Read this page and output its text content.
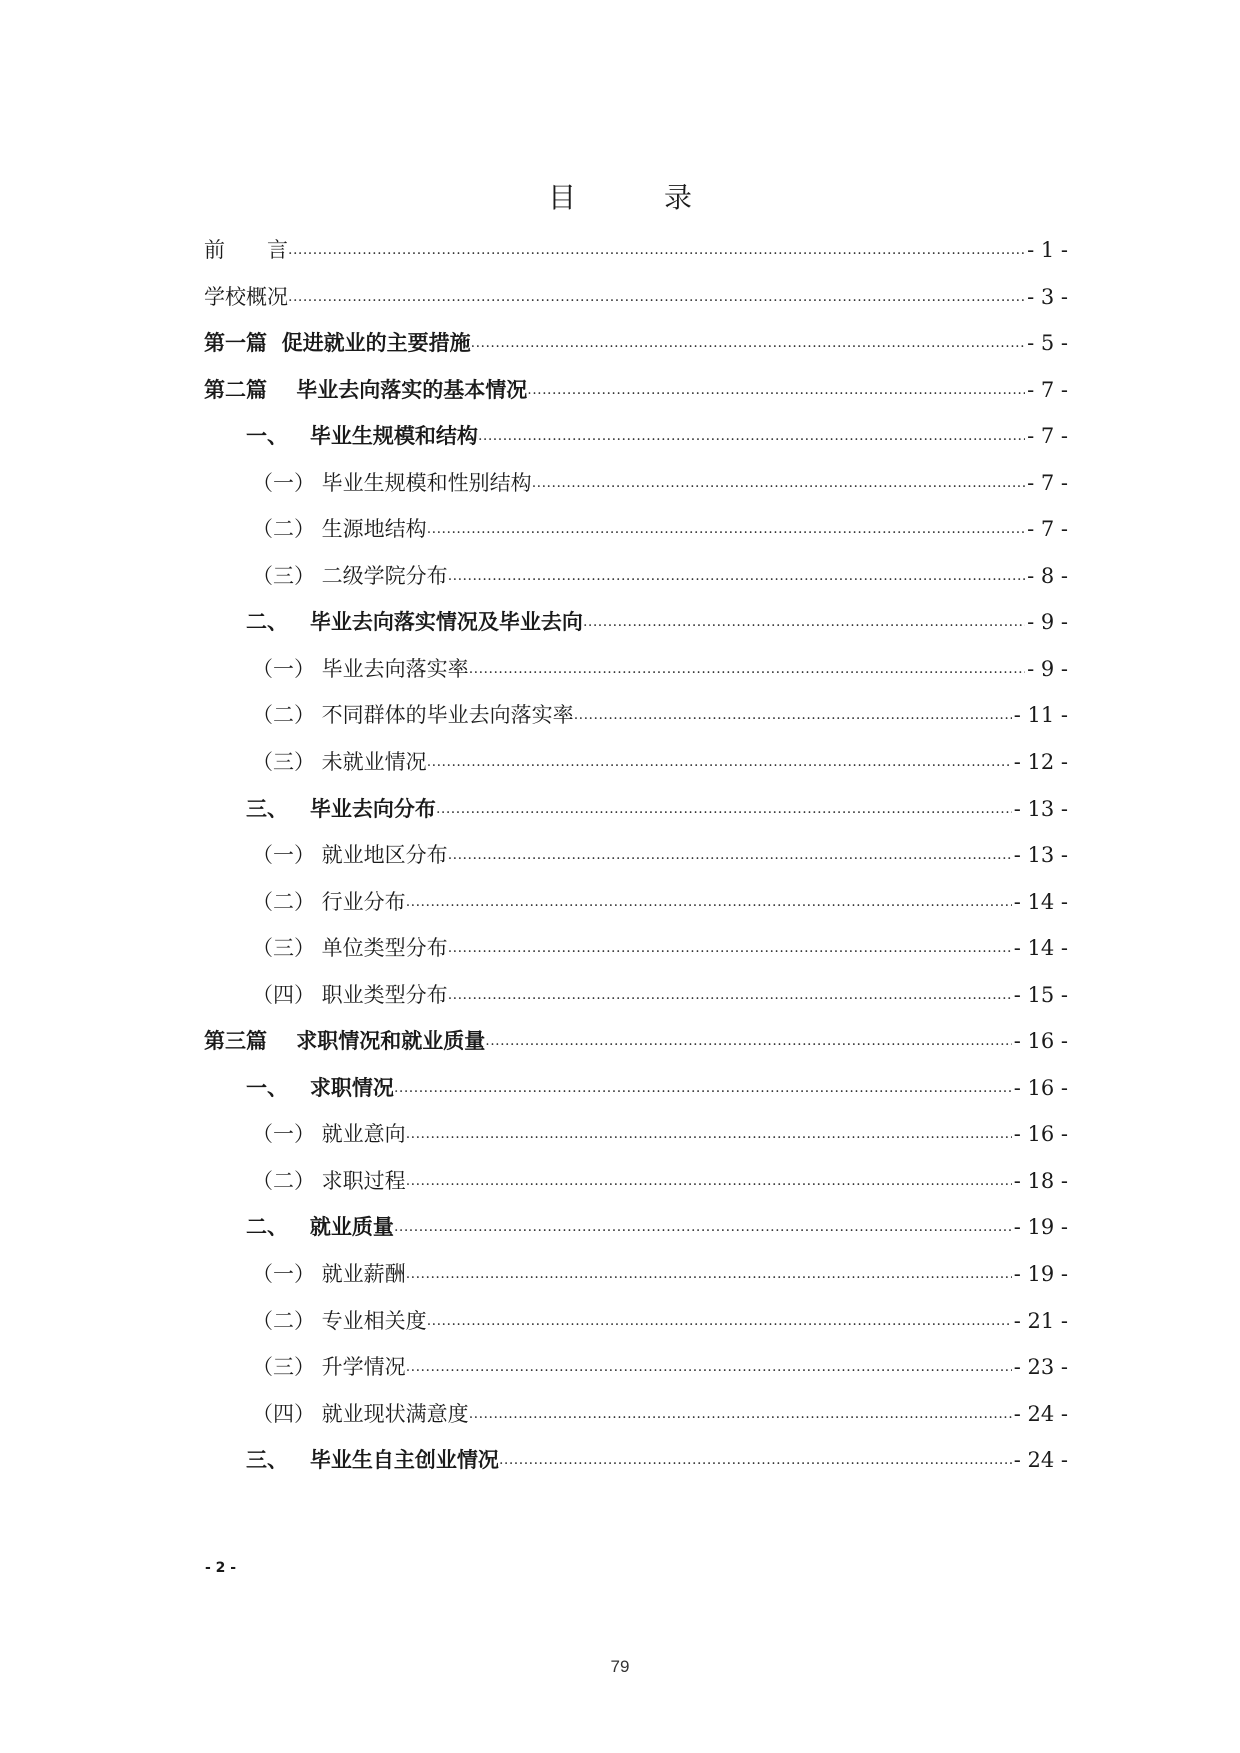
目　录
前　　言 .....	- 1 -
学校概况 .....	- 3 -
第一篇  促进就业的主要措施 .....	- 5 -
第二篇    毕业去向落实的基本情况 .....	- 7 -
一、   毕业生规模和结构 .....	- 7 -
（一） 毕业生规模和性别结构 .....	- 7 -
（二） 生源地结构 .....	- 7 -
（三） 二级学院分布 .....	- 8 -
二、   毕业去向落实情况及毕业去向 .....	- 9 -
（一） 毕业去向落实率 .....	- 9 -
（二） 不同群体的毕业去向落实率 .....	- 11 -
（三） 未就业情况 .....	- 12 -
三、   毕业去向分布 .....	- 13 -
（一） 就业地区分布 .....	- 13 -
（二） 行业分布 .....	- 14 -
（三） 单位类型分布 .....	- 14 -
（四） 职业类型分布 .....	- 15 -
第三篇    求职情况和就业质量 .....	- 16 -
一、   求职情况 .....	- 16 -
（一） 就业意向 .....	- 16 -
（二） 求职过程 .....	- 18 -
二、   就业质量 .....	- 19 -
（一） 就业薪酬 .....	- 19 -
（二） 专业相关度 .....	- 21 -
（三） 升学情况 .....	- 23 -
（四） 就业现状满意度 .....	- 24 -
三、   毕业生自主创业情况 .....	- 24 -
- 2 -
79
